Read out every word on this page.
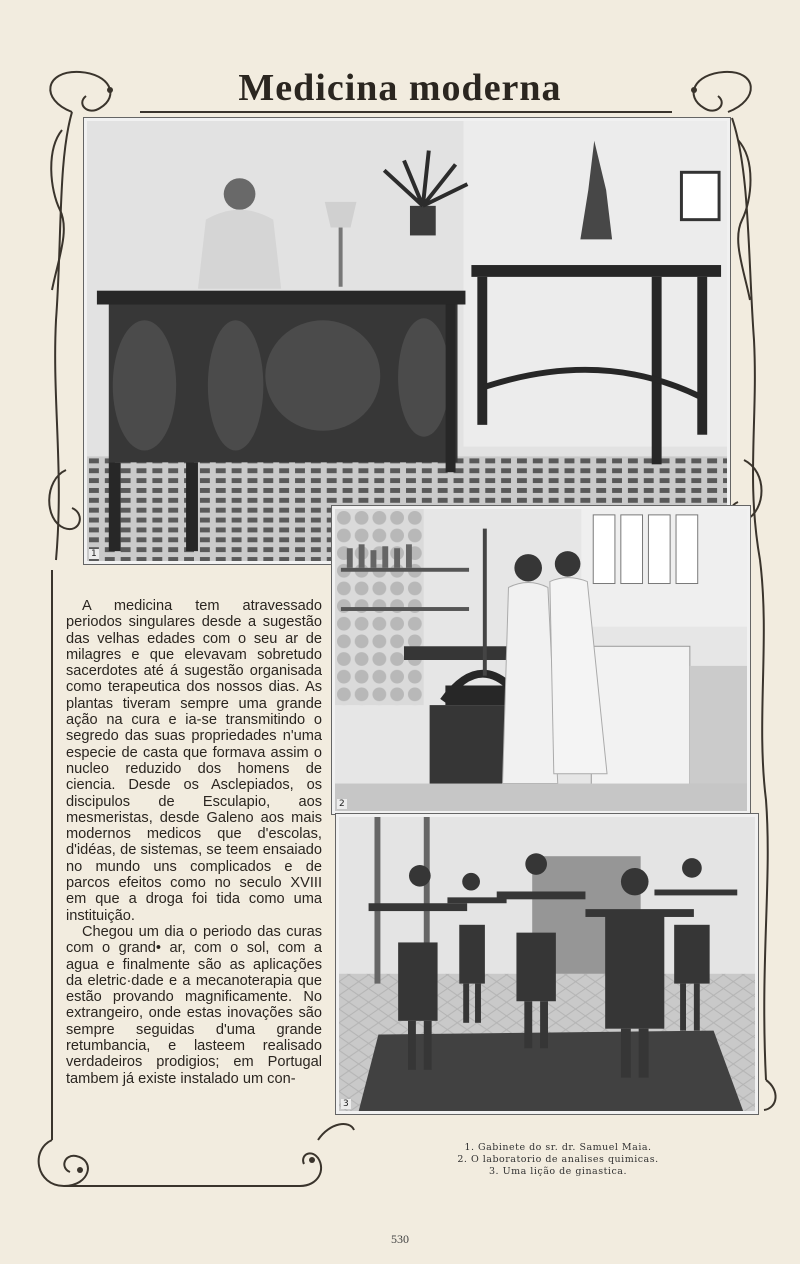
Medicina moderna
1
2
3

A medicina tem atravessado periodos singulares desde a sugestão das velhas edades com o seu ar de milagres e que elevavam sobretudo sacerdotes até á sugestão organisada como terapeutica dos nossos dias. As plantas tiveram sempre uma grande ação na cura e ia-se transmitindo o segredo das suas propriedades n'uma especie de casta que formava assim o nucleo reduzido dos homens de ciencia. Desde os Asclepiados, os discipulos de Esculapio, aos mesmeristas, desde Galeno aos mais modernos medicos que d'escolas, d'idéas, de sistemas, se teem ensaiado no mundo uns complicados e de parcos efeitos como no seculo XVIII em que a droga foi tida como uma instituição.

Chegou um dia o periodo das curas com o grand• ar, com o sol, com a agua e finalmente são as aplicações da eletric·dade e a mecanoterapia que estão provando magnificamente. No extrangeiro, onde estas inovações são sempre seguidas d'uma grande retumbancia, e lasteem realisado verdadeiros prodigios; em Portugal tambem já existe instalado um con-

1. Gabinete do sr. dr. Samuel Maia.
2. O laboratorio de analises quimicas.
3. Uma lição de ginastica.
530
